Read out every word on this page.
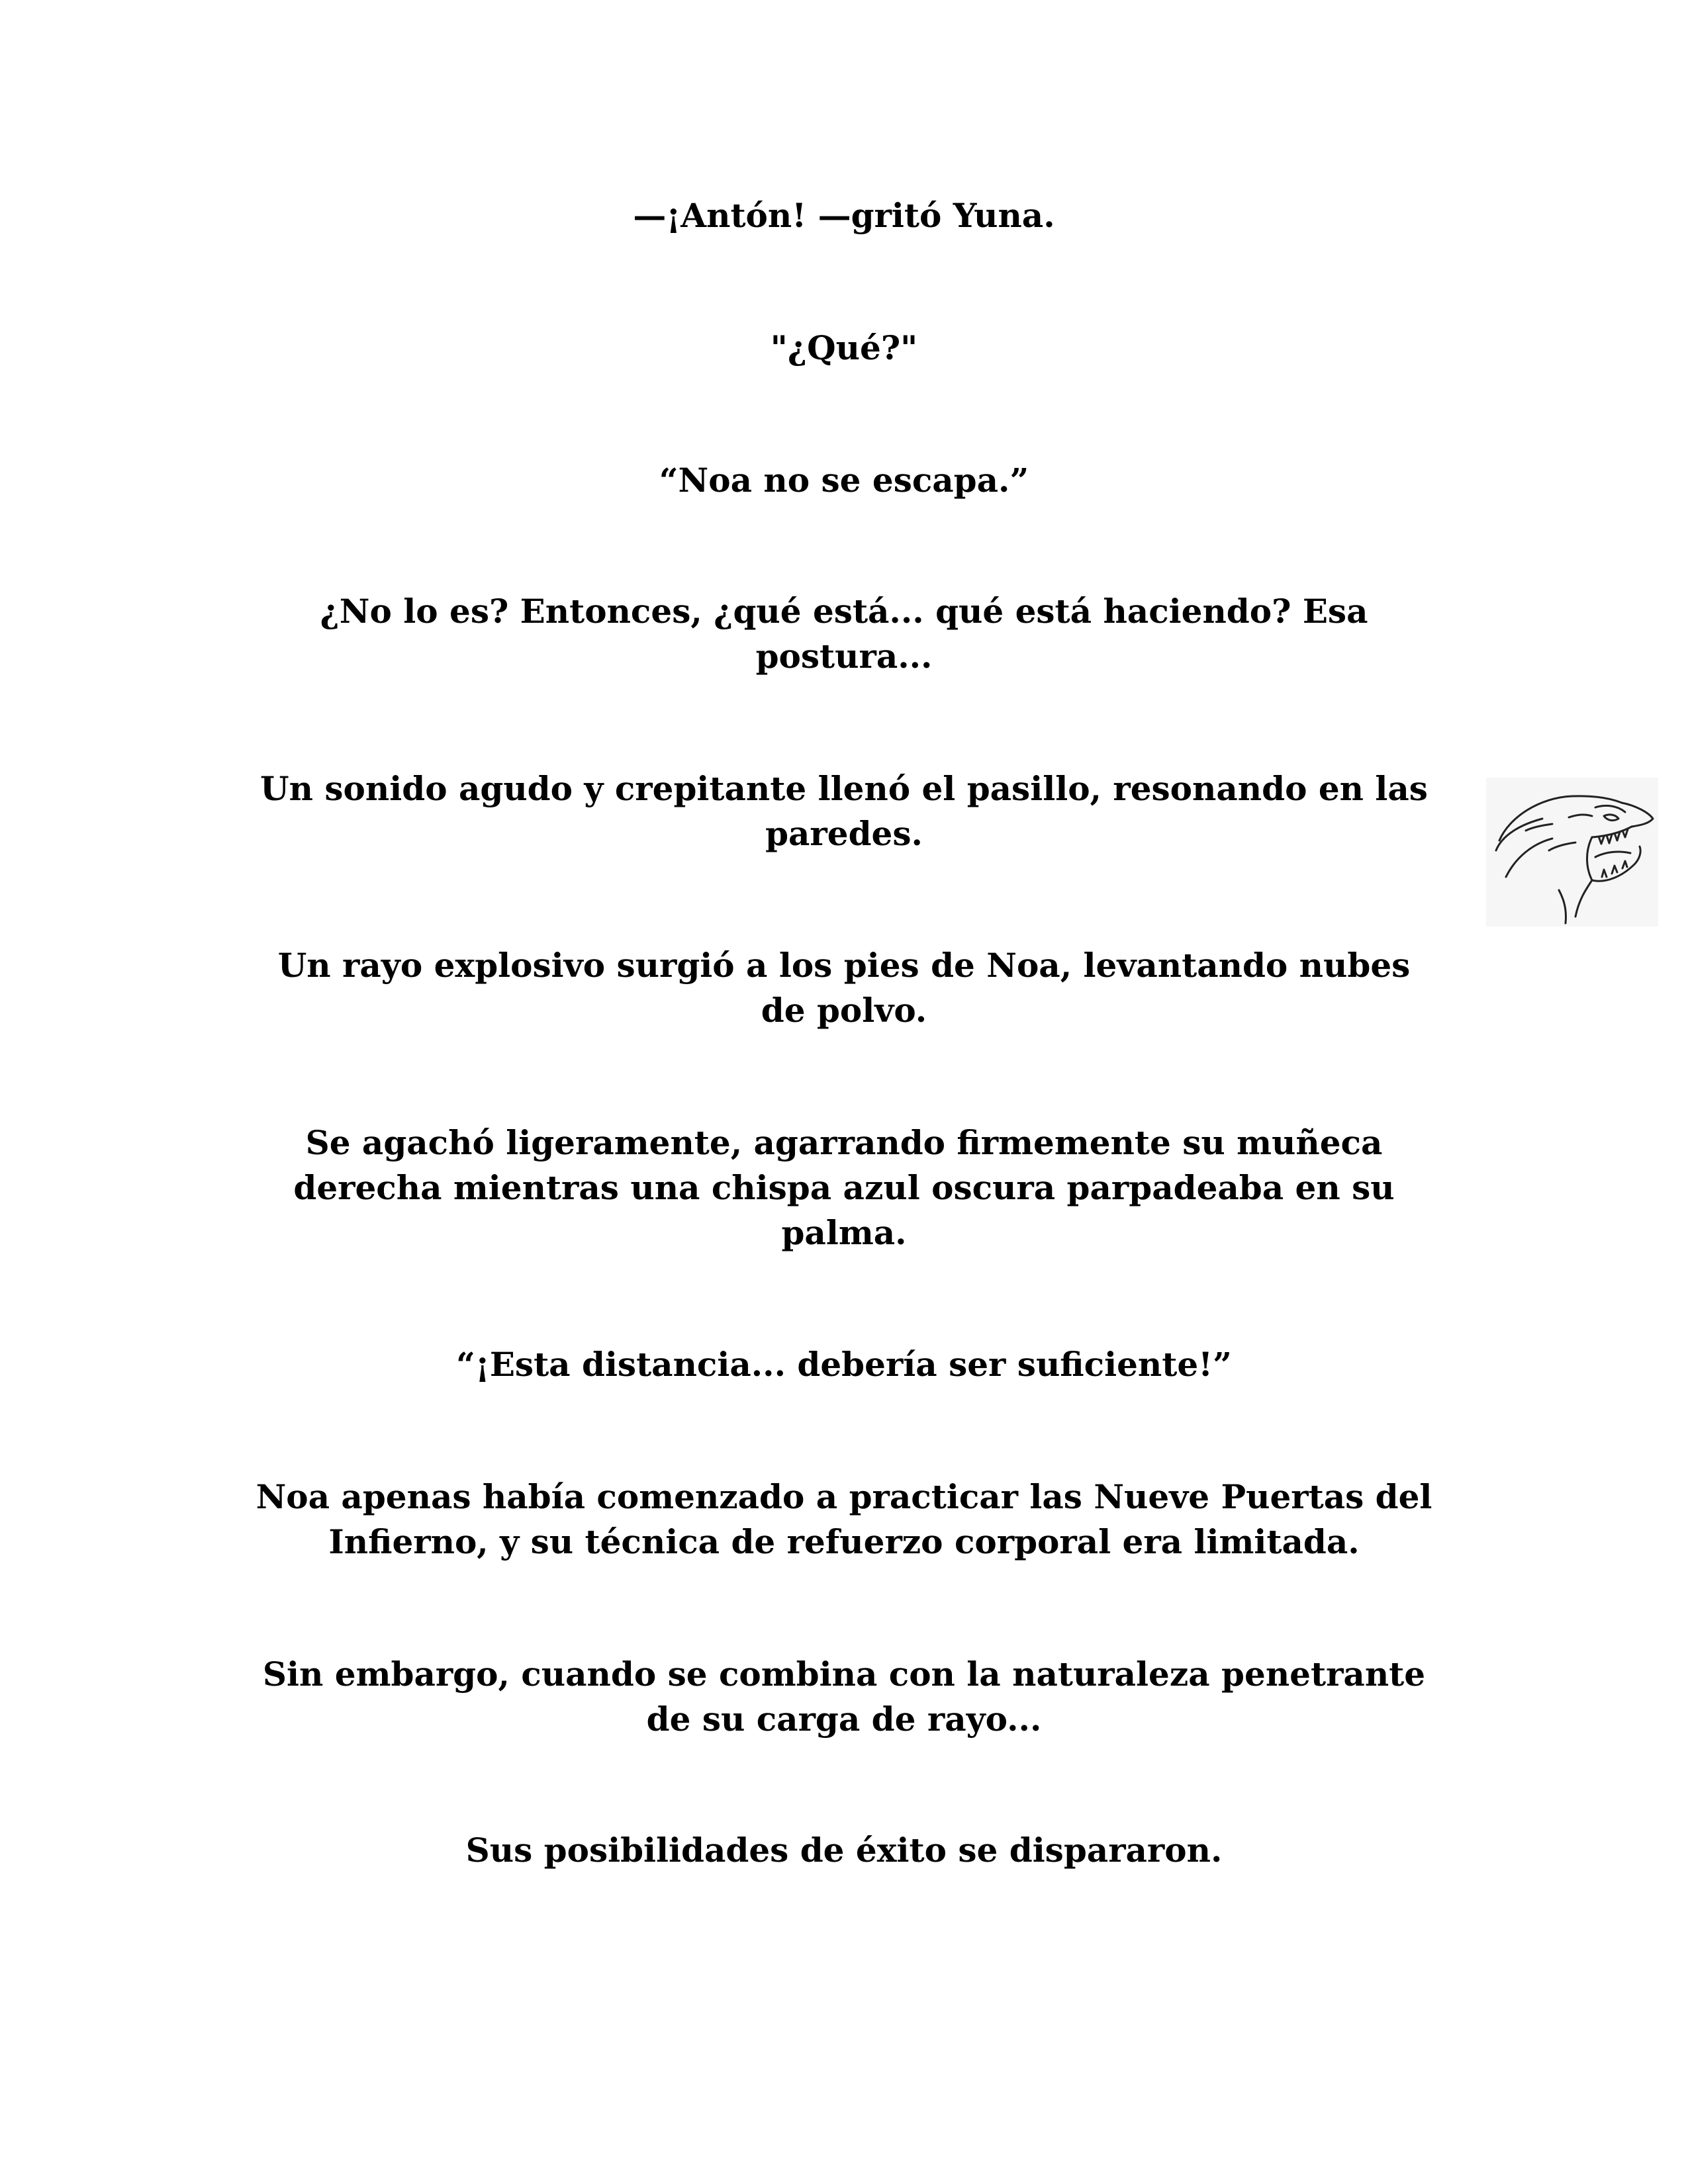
—¡Antón! —gritó Yuna.

"¿Qué?"

“Noa no se escapa.”

¿No lo es? Entonces, ¿qué está... qué está haciendo? Esa
postura...

Un sonido agudo y crepitante llenó el pasillo, resonando en las
paredes.

Un rayo explosivo surgió a los pies de Noa, levantando nubes
de polvo.

Se agachó ligeramente, agarrando firmemente su muñeca
derecha mientras una chispa azul oscura parpadeaba en su
palma.

“¡Esta distancia... debería ser suficiente!”

Noa apenas había comenzado a practicar las Nueve Puertas del
Infierno, y su técnica de refuerzo corporal era limitada.

Sin embargo, cuando se combina con la naturaleza penetrante
de su carga de rayo...

Sus posibilidades de éxito se dispararon.
